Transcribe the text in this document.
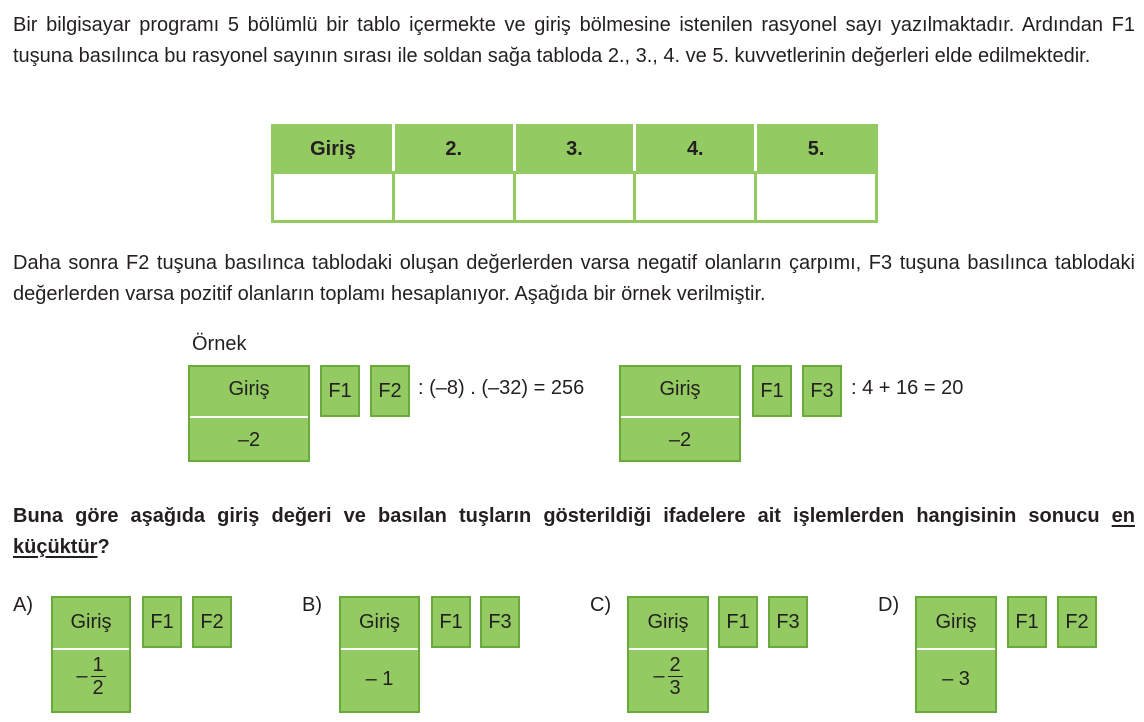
Bir bilgisayar programı 5 bölümlü bir tablo içermekte ve giriş bölmesine istenilen rasyonel sayı yazılmaktadır. Ardından F1 tuşuna basılınca bu rasyonel sayının sırası ile soldan sağa tabloda 2., 3., 4. ve 5. kuvvetlerinin değerleri elde edilmektedir.

Giriş	2.	3.	4.	5.

Daha sonra F2 tuşuna basılınca tablodaki oluşan değerlerden varsa negatif olanların çarpımı, F3 tuşuna basılınca tablodaki değerlerden varsa pozitif olanların toplamı hesaplanıyor. Aşağıda bir örnek verilmiştir.

Örnek
Giriş
–2
F1	F2 : (–8) . (–32) = 256	Giriş
–2
F1	F3 : 4 + 16 = 20

Buna göre aşağıda giriş değeri ve basılan tuşların gösterildiği ifadelere ait işlemlerden hangisinin sonucu en küçüktür?

A)
Giriş
– $\frac{1}{2}$
F1	F2
B)
Giriş
– 1
F1	F3
C)
Giriş
– $\frac{2}{3}$
F1	F3
D)
Giriş
– 3
F1	F2
